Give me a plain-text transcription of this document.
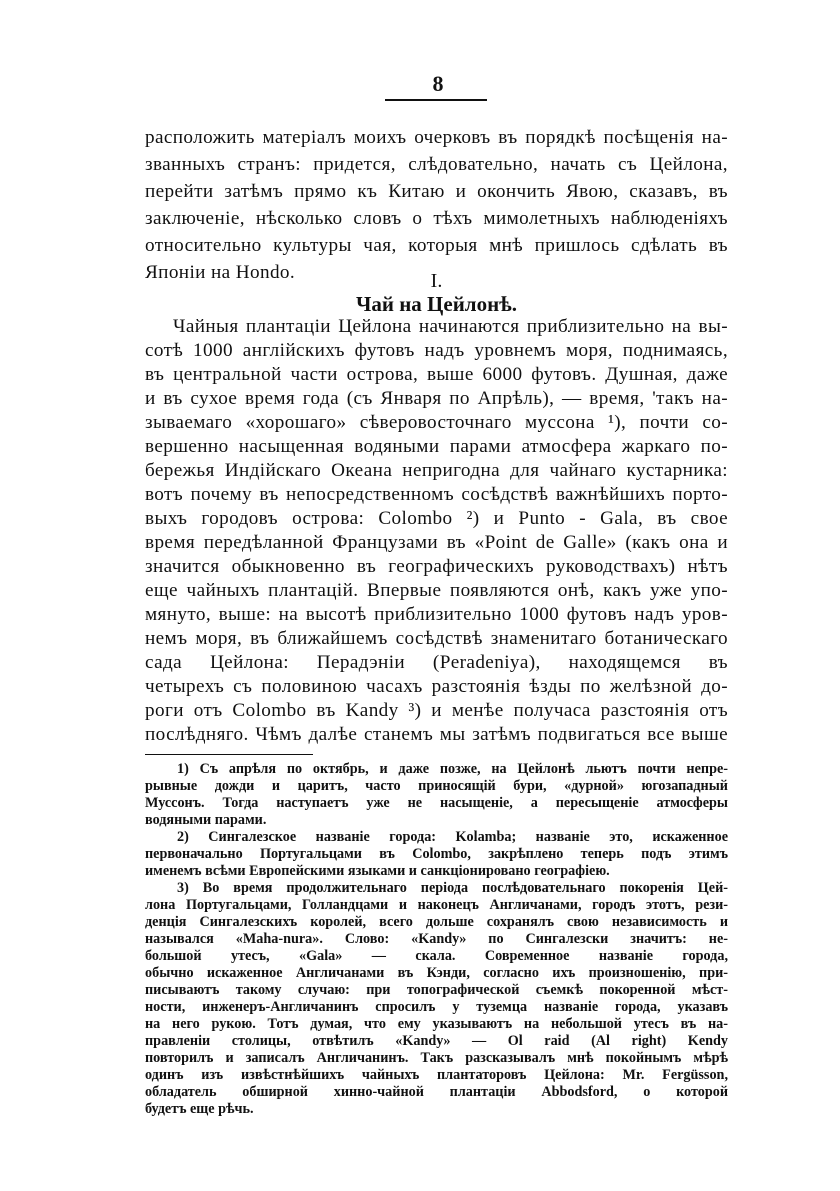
8
расположить матеріалъ моихъ очерковъ въ порядкѣ посѣщенія на-
званныхъ странъ: придется, слѣдовательно, начать съ Цейлона,
перейти затѣмъ прямо къ Китаю и окончить Явою, сказавъ, въ
заключеніе, нѣсколько словъ о тѣхъ мимолетныхъ наблюденіяхъ
относительно культуры чая, которыя мнѣ пришлось сдѣлать въ
Японіи на Hondo.	I.
Чай на Цейлонѣ.
Чайныя плантаціи Цейлона начинаются приблизительно на вы-
сотѣ 1000 англійскихъ футовъ надъ уровнемъ моря, поднимаясь,
въ центральной части острова, выше 6000 футовъ. Душная, даже
и въ сухое время года (съ Января по Апрѣль), — время, 'такъ на-
зываемаго «хорошаго» сѣверовосточнаго муссона ¹), почти со-
вершенно насыщенная водяными парами атмосфера жаркаго по-
бережья Индійскаго Океана непригодна для чайнаго кустарника:
вотъ почему въ непосредственномъ сосѣдствѣ важнѣйшихъ порто-
выхъ городовъ острова: Colombo ²) и Punto - Gala, въ свое
время передѣланной Французами въ «Point de Galle» (какъ она и
значится обыкновенно въ географическихъ руководствахъ) нѣтъ
еще чайныхъ плантацій. Впервые появляются онѣ, какъ уже упо-
мянуто, выше: на высотѣ приблизительно 1000 футовъ надъ уров-
немъ моря, въ ближайшемъ сосѣдствѣ знаменитаго ботаническаго
сада Цейлона: Перадэніи (Peradeniya), находящемся въ
четырехъ съ половиною часахъ разстоянія ѣзды по желѣзной до-
роги отъ Colombo въ Kandy ³) и менѣе получаса разстоянія отъ
послѣдняго. Чѣмъ далѣе станемъ мы затѣмъ подвигаться все выше
1) Съ апрѣля по октябрь, и даже позже, на Цейлонѣ льютъ почти непре-
рывные дожди и царитъ, часто приносящій бури, «дурной» югозападный
Муссонъ. Тогда наступаетъ уже не насыщеніе, а пересыщеніе атмосферы
водяными парами.
2) Сингалезское названіе города: Kolamba; названіе это, искаженное
первоначально Португальцами въ Colombo, закрѣплено теперь подъ этимъ
именемъ всѣми Европейскими языками и санкціонировано географіею.
3) Во время продолжительнаго періода послѣдовательнаго покоренія Цей-
лона Португальцами, Голландцами и наконецъ Англичанами, городъ этотъ, рези-
денція Сингалезскихъ королей, всего дольше сохранялъ свою независимость и
назывался «Maha-nura». Слово: «Kandy» по Сингалезски значитъ: не-
большой утесъ, «Gala» — скала. Современное названіе города,
обычно искаженное Англичанами въ Кэнди, согласно ихъ произношенію, при-
писываютъ такому случаю: при топографической съемкѣ покоренной мѣст-
ности, инженеръ-Англичанинъ спросилъ у туземца названіе города, указавъ
на него рукою. Тотъ думая, что ему указываютъ на небольшой утесъ въ на-
правленіи столицы, отвѣтилъ «Kandy» — Ol raid (Al right) Kendy
повторилъ и записалъ Англичанинъ. Такъ разсказывалъ мнѣ покойнымъ мѣрѣ
одинъ изъ извѣстнѣйшихъ чайныхъ плантаторовъ Цейлона: Mr. Fergüsson,
обладатель обширной хинно-чайной плантаціи Abbodsford, о которой
будетъ еще рѣчь.
